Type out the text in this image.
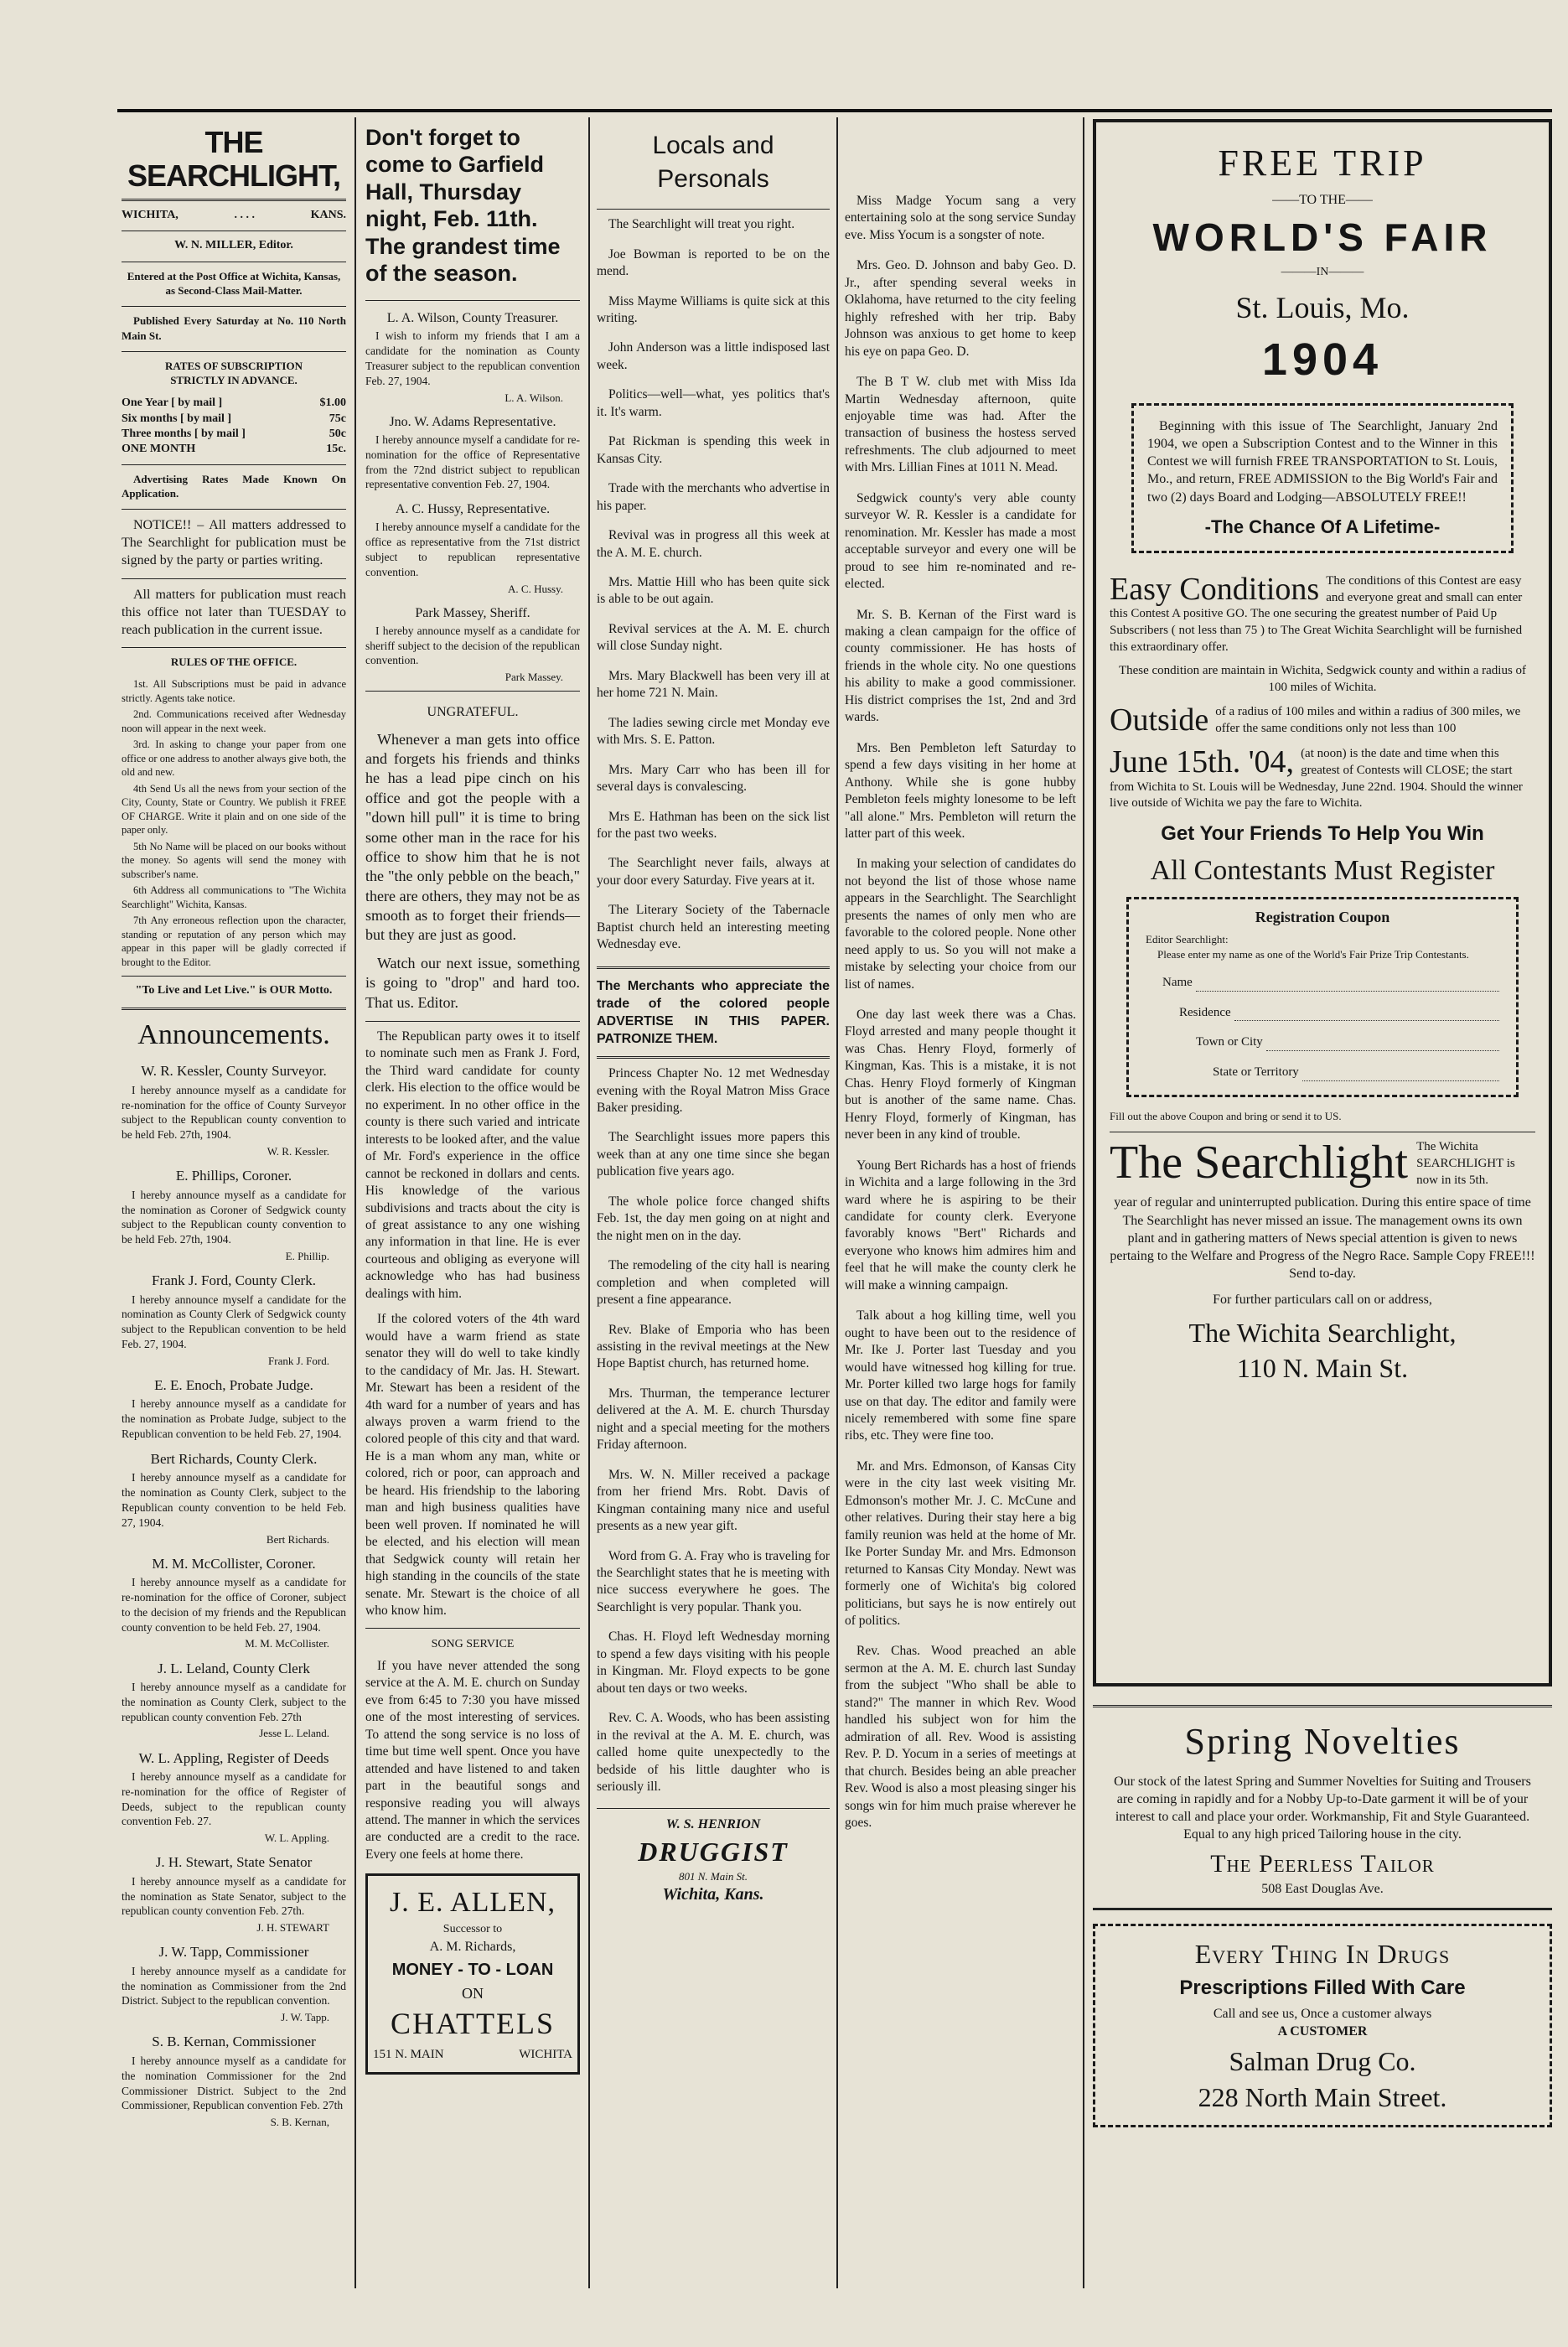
THE SEARCHLIGHT,
WICHITA,	. . . .	KANS.

W. N. MILLER, Editor.

Entered at the Post Office at Wichita, Kansas, as Second-Class Mail-Matter.

Published Every Saturday at No. 110 North Main St.

RATES OF SUBSCRIPTION

STRICTLY IN ADVANCE.

One Year [ by mail ]	$1.00
Six months [ by mail ]	75c
Three months [ by mail ]	50c
ONE MONTH	15c.

Advertising Rates Made Known On Application.

NOTICE!! – All matters addressed to The Searchlight for publication must be signed by the party or parties writing.

All matters for publication must reach this office not later than TUESDAY to reach publication in the current issue.

RULES OF THE OFFICE.

1st. All Subscriptions must be paid in advance strictly. Agents take notice.

2nd. Communications received after Wednesday noon will appear in the next week.

3rd. In asking to change your paper from one office or one address to another always give both, the old and new.

4th Send Us all the news from your section of the City, County, State or Country. We publish it FREE OF CHARGE. Write it plain and on one side of the paper only.

5th No Name will be placed on our books without the money. So agents will send the money with subscriber's name.

6th Address all communications to "The Wichita Searchlight" Wichita, Kansas.

7th Any erroneous reflection upon the character, standing or reputation of any person which may appear in this paper will be gladly corrected if brought to the Editor.

"To Live and Let Live." is OUR Motto.

Announcements.

W. R. Kessler, County Surveyor.

I hereby announce myself as a candidate for re-nomination for the office of County Surveyor subject to the Republican county convention to be held Feb. 27th, 1904.

W. R. Kessler.

E. Phillips, Coroner.

I hereby announce myself as a candidate for the nomination as Coroner of Sedgwick county subject to the Republican county convention to be held Feb. 27th, 1904.

E. Phillip.

Frank J. Ford, County Clerk.

I hereby announce myself a candidate for the nomination as County Clerk of Sedgwick county subject to the Republican convention to be held Feb. 27, 1904.

Frank J. Ford.

E. E. Enoch, Probate Judge.

I hereby announce myself as a candidate for the nomination as Probate Judge, subject to the Republican convention to be held Feb. 27, 1904.

Bert Richards, County Clerk.

I hereby announce myself as a candidate for the nomination as County Clerk, subject to the Republican county convention to be held Feb. 27, 1904.

Bert Richards.

M. M. McCollister, Coroner.

I hereby announce myself as a candidate for re-nomination for the office of Coroner, subject to the decision of my friends and the Republican county convention to be held Feb. 27, 1904.

M. M. McCollister.

J. L. Leland, County Clerk

I hereby announce myself as a candidate for the nomination as County Clerk, subject to the republican county convention Feb. 27th

Jesse L. Leland.

W. L. Appling, Register of Deeds

I hereby announce myself as a candidate for re-nomination for the office of Register of Deeds, subject to the republican county convention Feb. 27.

W. L. Appling.

J. H. Stewart, State Senator

I hereby announce myself as a candidate for the nomination as State Senator, subject to the republican county convention Feb. 27th.

J. H. STEWART

J. W. Tapp, Commissioner

I hereby announce myself as a candidate for the nomination as Commissioner from the 2nd District. Subject to the republican convention.

J. W. Tapp.

S. B. Kernan, Commissioner

I hereby announce myself as a candidate for the nomination Commissioner for the 2nd Commissioner District. Subject to the 2nd Commissioner, Republican convention Feb. 27th

S. B. Kernan,

Don't forget to come to Garfield Hall, Thursday night, Feb. 11th. The grandest time of the season.

L. A. Wilson, County Treasurer.

I wish to inform my friends that I am a candidate for the nomination as County Treasurer subject to the republican convention Feb. 27, 1904.

L. A. Wilson.

Jno. W. Adams Representative.

I hereby announce myself a candidate for re-nomination for the office of Representative from the 72nd district subject to republican representative convention Feb. 27, 1904.

A. C. Hussy, Representative.

I hereby announce myself a candidate for the office as representative from the 71st district subject to republican representative convention.

A. C. Hussy.

Park Massey, Sheriff.

I hereby announce myself as a candidate for sheriff subject to the decision of the republican convention.

Park Massey.

UNGRATEFUL.

Whenever a man gets into office and forgets his friends and thinks he has a lead pipe cinch on his office and got the people with a "down hill pull" it is time to bring some other man in the race for his office to show him that he is not the "the only pebble on the beach," there are others, they may not be as smooth as to forget their friends—but they are just as good.

Watch our next issue, something is going to "drop" and hard too. That us. Editor.

The Republican party owes it to itself to nominate such men as Frank J. Ford, the Third ward candidate for county clerk. His election to the office would be no experiment. In no other office in the county is there such varied and intricate interests to be looked after, and the value of Mr. Ford's experience in the office cannot be reckoned in dollars and cents. His knowledge of the various subdivisions and tracts about the city is of great assistance to any one wishing any information in that line. He is ever courteous and obliging as everyone will acknowledge who has had business dealings with him.

If the colored voters of the 4th ward would have a warm friend as state senator they will do well to take kindly to the candidacy of Mr. Jas. H. Stewart. Mr. Stewart has been a resident of the 4th ward for a number of years and has always proven a warm friend to the colored people of this city and that ward. He is a man whom any man, white or colored, rich or poor, can approach and be heard. His friendship to the laboring man and high business qualities have been well proven. If nominated he will be elected, and his election will mean that Sedgwick county will retain her high standing in the councils of the state senate. Mr. Stewart is the choice of all who know him.

SONG SERVICE

If you have never attended the song service at the A. M. E. church on Sunday eve from 6:45 to 7:30 you have missed one of the most interesting of services. To attend the song service is no loss of time but time well spent. Once you have attended and have listened to and taken part in the beautiful songs and responsive reading you will always attend. The manner in which the services are conducted are a credit to the race. Every one feels at home there.

J. E. ALLEN,
Successor to
A. M. Richards,
MONEY - TO - LOAN
ON
CHATTELS
151 N. MAIN	WICHITA
Locals and Personals

The Searchlight will treat you right.

Joe Bowman is reported to be on the mend.

Miss Mayme Williams is quite sick at this writing.

John Anderson was a little indisposed last week.

Politics—well—what, yes politics that's it. It's warm.

Pat Rickman is spending this week in Kansas City.

Trade with the merchants who advertise in his paper.

Revival was in progress all this week at the A. M. E. church.

Mrs. Mattie Hill who has been quite sick is able to be out again.

Revival services at the A. M. E. church will close Sunday night.

Mrs. Mary Blackwell has been very ill at her home 721 N. Main.

The ladies sewing circle met Monday eve with Mrs. S. E. Patton.

Mrs. Mary Carr who has been ill for several days is convalescing.

Mrs E. Hathman has been on the sick list for the past two weeks.

The Searchlight never fails, always at your door every Saturday. Five years at it.

The Literary Society of the Tabernacle Baptist church held an interesting meeting Wednesday eve.

The Merchants who appreciate the trade of the colored people ADVERTISE IN THIS PAPER. PATRONIZE THEM.

Princess Chapter No. 12 met Wednesday evening with the Royal Matron Miss Grace Baker presiding.

The Searchlight issues more papers this week than at any one time since she began publication five years ago.

The whole police force changed shifts Feb. 1st, the day men going on at night and the night men on in the day.

The remodeling of the city hall is nearing completion and when completed will present a fine appearance.

Rev. Blake of Emporia who has been assisting in the revival meetings at the New Hope Baptist church, has returned home.

Mrs. Thurman, the temperance lecturer delivered at the A. M. E. church Thursday night and a special meeting for the mothers Friday afternoon.

Mrs. W. N. Miller received a package from her friend Mrs. Robt. Davis of Kingman containing many nice and useful presents as a new year gift.

Word from G. A. Fray who is traveling for the Searchlight states that he is meeting with nice success everywhere he goes. The Searchlight is very popular. Thank you.

Chas. H. Floyd left Wednesday morning to spend a few days visiting with his people in Kingman. Mr. Floyd expects to be gone about ten days or two weeks.

Rev. C. A. Woods, who has been assisting in the revival at the A. M. E. church, was called home quite unexpectedly to the bedside of his little daughter who is seriously ill.

W. S. HENRION
DRUGGIST
801 N. Main St.
Wichita, Kans.

Miss Madge Yocum sang a very entertaining solo at the song service Sunday eve. Miss Yocum is a songster of note.

Mrs. Geo. D. Johnson and baby Geo. D. Jr., after spending several weeks in Oklahoma, have returned to the city feeling highly refreshed with her trip. Baby Johnson was anxious to get home to keep his eye on papa Geo. D.

The B T W. club met with Miss Ida Martin Wednesday afternoon, quite enjoyable time was had. After the transaction of business the hostess served refreshments. The club adjourned to meet with Mrs. Lillian Fines at 1011 N. Mead.

Sedgwick county's very able county surveyor W. R. Kessler is a candidate for renomination. Mr. Kessler has made a most acceptable surveyor and every one will be proud to see him re-nominated and re-elected.

Mr. S. B. Kernan of the First ward is making a clean campaign for the office of county commissioner. He has hosts of friends in the whole city. No one questions his ability to make a good commissioner. His district comprises the 1st, 2nd and 3rd wards.

Mrs. Ben Pembleton left Saturday to spend a few days visiting in her home at Anthony. While she is gone hubby Pembleton feels mighty lonesome to be left "all alone." Mrs. Pembleton will return the latter part of this week.

In making your selection of candidates do not beyond the list of those whose name appears in the Searchlight. The Searchlight presents the names of only men who are favorable to the colored people. None other need apply to us. So you will not make a mistake by selecting your choice from our list of names.

One day last week there was a Chas. Floyd arrested and many people thought it was Chas. Henry Floyd, formerly of Kingman, Kas. This is a mistake, it is not Chas. Henry Floyd formerly of Kingman but is another of the same name. Chas. Henry Floyd, formerly of Kingman, has never been in any kind of trouble.

Young Bert Richards has a host of friends in Wichita and a large following in the 3rd ward where he is aspiring to be their candidate for county clerk. Everyone favorably knows "Bert" Richards and everyone who knows him admires him and feel that he will make the county clerk he will make a winning campaign.

Talk about a hog killing time, well you ought to have been out to the residence of Mr. Ike J. Porter last Tuesday and you would have witnessed hog killing for true. Mr. Porter killed two large hogs for family use on that day. The editor and family were nicely remembered with some fine spare ribs, etc. They were fine too.

Mr. and Mrs. Edmonson, of Kansas City were in the city last week visiting Mr. Edmonson's mother Mr. J. C. McCune and other relatives. During their stay here a big family reunion was held at the home of Mr. Ike Porter Sunday Mr. and Mrs. Edmonson returned to Kansas City Monday. Newt was formerly one of Wichita's big colored politicians, but says he is now entirely out of politics.

Rev. Chas. Wood preached an able sermon at the A. M. E. church last Sunday from the subject "Who shall be able to stand?" The manner in which Rev. Wood handled his subject won for him the admiration of all. Rev. Wood is assisting Rev. P. D. Yocum in a series of meetings at that church. Besides being an able preacher Rev. Wood is also a most pleasing singer his songs win for him much praise wherever he goes.

FREE TRIP
——TO THE——
WORLD'S FAIR
———IN———
St. Louis, Mo.
1904

Beginning with this issue of The Searchlight, January 2nd 1904, we open a Subscription Contest and to the Winner in this Contest we will furnish FREE TRANSPORTATION to St. Louis, Mo., and return, FREE ADMISSION to the Big World's Fair and two (2) days Board and Lodging—ABSOLUTELY FREE!!

-The Chance Of A Lifetime-
Easy Conditions The conditions of this Contest are easy and everyone great and small can enter this Contest A positive GO. The one securing the greatest number of Paid Up Subscribers ( not less than 75 ) to The Great Wichita Searchlight will be furnished this extraordinary offer.

These condition are maintain in Wichita, Sedgwick county and within a radius of 100 miles of Wichita.

Outside of a radius of 100 miles and within a radius of 300 miles, we offer the same conditions only not less than 100
June 15th. '04, (at noon) is the date and time when this greatest of Contests will CLOSE; the start from Wichita to St. Louis will be Wednesday, June 22nd. 1904. Should the winner live outside of Wichita we pay the fare to Wichita.
Get Your Friends To Help You Win
All Contestants Must Register
Registration Coupon

Editor Searchlight:

Please enter my name as one of the World's Fair Prize Trip Contestants.

Name
Residence
Town or City
State or Territory

Fill out the above Coupon and bring or send it to US.

The Searchlight The Wichita SEARCHLIGHT is now in its 5th.

year of regular and uninterrupted publication. During this entire space of time The Searchlight has never missed an issue. The management owns its own plant and in gathering matters of News special attention is given to news pertaing to the Welfare and Progress of the Negro Race. Sample Copy FREE!!! Send to-day.

For further particulars call on or address,

The Wichita Searchlight,
110 N. Main St.
Spring Novelties

Our stock of the latest Spring and Summer Novelties for Suiting and Trousers are coming in rapidly and for a Nobby Up-to-Date garment it will be of your interest to call and place your order. Workmanship, Fit and Style Guaranteed. Equal to any high priced Tailoring house in the city.

The Peerless Tailor
508 East Douglas Ave.
Every Thing In Drugs
Prescriptions Filled With Care
Call and see us, Once a customer always
A CUSTOMER
Salman Drug Co.
228 North Main Street.
